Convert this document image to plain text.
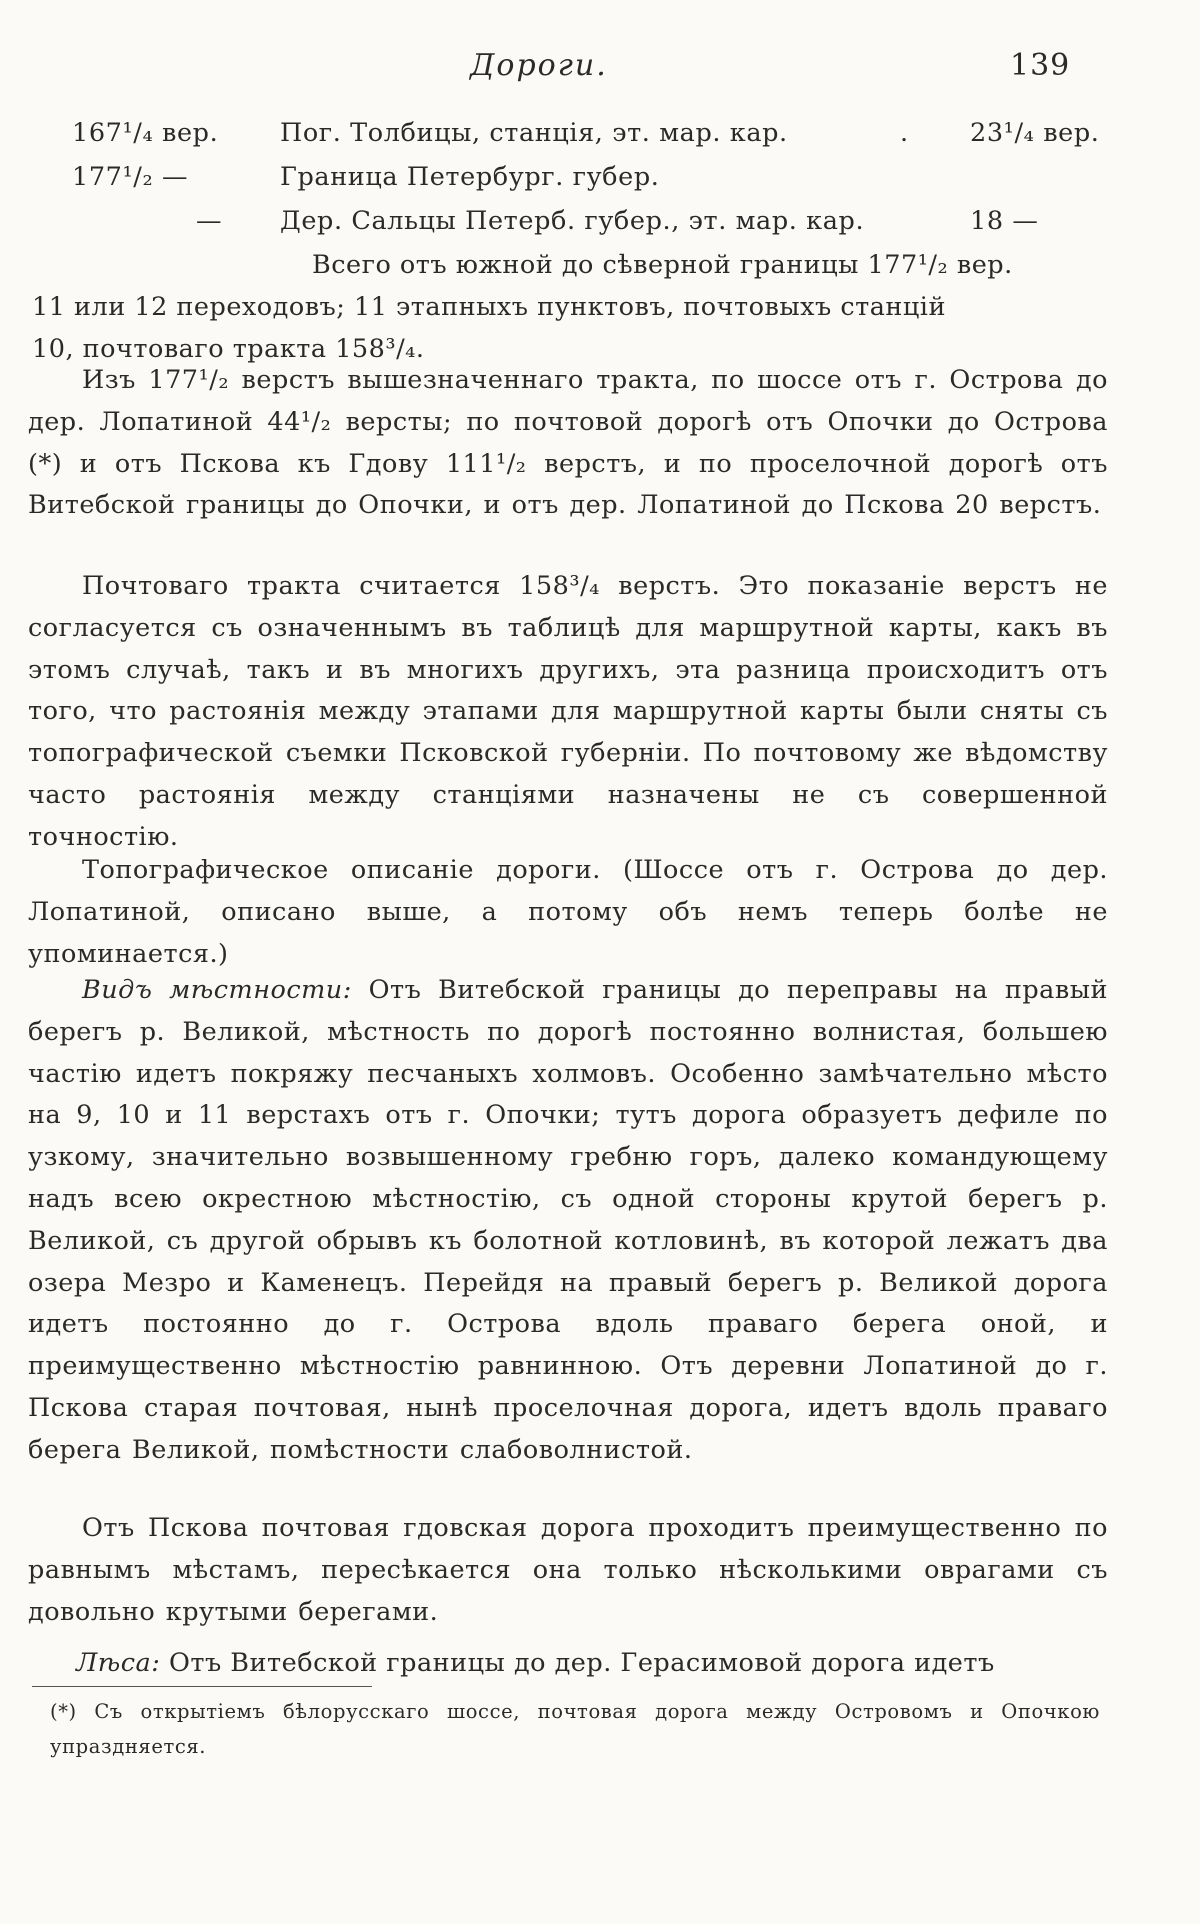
Дороги.	139
167¹/₄ вер.	Пог. Толбицы, станція, эт. мар. кар.	. 23¹/₄ вер.
177¹/₂ —	Граница Петербург. губер.
—	Дер. Сальцы Петерб. губер., эт. мар. кар.	18 —
Всего отъ южной до сѣверной границы 177¹/₂ вер.
11 или 12 переходовъ; 11 этапныхъ пунктовъ, почтовыхъ станцій
10, почтоваго тракта 158³/₄.

Изъ 177¹/₂ верстъ вышезначеннаго тракта, по шоссе отъ г. Острова до дер. Лопатиной 44¹/₂ версты; по почтовой дорогѣ отъ Опочки до Острова (*) и отъ Пскова къ Гдову 111¹/₂ верстъ, и по проселочной дорогѣ отъ Витебской границы до Опочки, и отъ дер. Лопатиной до Пскова 20 верстъ.

Почтоваго тракта считается 158³/₄ верстъ. Это показаніе верстъ не согласуется съ означеннымъ въ таблицѣ для маршрутной карты, какъ въ этомъ случаѣ, такъ и въ многихъ другихъ, эта разница происходитъ отъ того, что растоянія между этапами для маршрутной карты были сняты съ топографической съемки Псковской губерніи. По почтовому же вѣдомству часто растоянія между станціями назначены не съ совершенной точностію.

Топографическое описаніе дороги. (Шоссе отъ г. Острова до дер. Лопатиной, описано выше, а потому объ немъ теперь болѣе не упоминается.)

Видъ мѣстности: Отъ Витебской границы до переправы на правый берегъ р. Великой, мѣстность по дорогѣ постоянно волнистая, большею частію идетъ покряжу песчаныхъ холмовъ. Особенно замѣчательно мѣсто на 9, 10 и 11 верстахъ отъ г. Опочки; тутъ дорога образуетъ дефиле по узкому, значительно возвышенному гребню горъ, далеко командующему надъ всею окрестною мѣстностію, съ одной стороны крутой берегъ р. Великой, съ другой обрывъ къ болотной котловинѣ, въ которой лежатъ два озера Мезро и Каменецъ. Перейдя на правый берегъ р. Великой дорога идетъ постоянно до г. Острова вдоль праваго берега оной, и преимущественно мѣстностію равнинною. Отъ деревни Лопатиной до г. Пскова старая почтовая, нынѣ проселочная дорога, идетъ вдоль праваго берега Великой, помѣстности слабоволнистой.

Отъ Пскова почтовая гдовская дорога проходитъ преимущественно по равнымъ мѣстамъ, пересѣкается она только нѣсколькими оврагами съ довольно крутыми берегами.

Лѣса: Отъ Витебской границы до дер. Герасимовой дорога идетъ

(*) Съ открытіемъ бѣлорусскаго шоссе, почтовая дорога между Островомъ и Опочкою упраздняется.
